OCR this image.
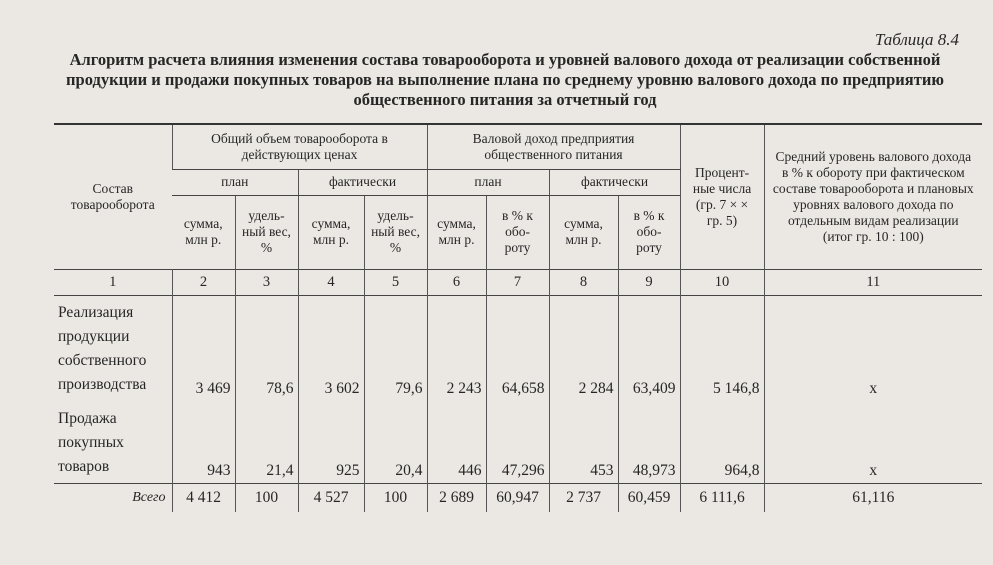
Таблица 8.4
Алгоритм расчета влияния изменения состава товарооборота и уровней валового дохода от реализации собственной продукции и продажи покупных товаров на выполнение плана по среднему уровню валового дохода по предприятию общественного питания за отчетный год
Состав товарооборота	Общий объем товарооборота в действующих ценах				Валовой доход предприятия общественного питания				Процент- ные числа (гр. 7 × × гр. 5)	Средний уровень валового дохода в % к обороту при фактическом составе товарооборота и плановых уровнях валового дохода по отдельным видам реализации (итог гр. 10 : 100)
	план		фактически		план		фактически			
	сумма, млн р.	удель- ный вес, %	сумма, млн р.	удель- ный вес, %	сумма, млн р.	в % к обо- роту	сумма, млн р.	в % к обо- роту		
1	2	3	4	5	6	7	8	9	10	11
Реализация продукции собственного производства	3 469	78,6	3 602	79,6	2 243	64,658	2 284	63,409	5 146,8	x
Продажа покупных товаров	943	21,4	925	20,4	446	47,296	453	48,973	964,8	x
Всего	4 412	100	4 527	100	2 689	60,947	2 737	60,459	6 111,6	61,116
